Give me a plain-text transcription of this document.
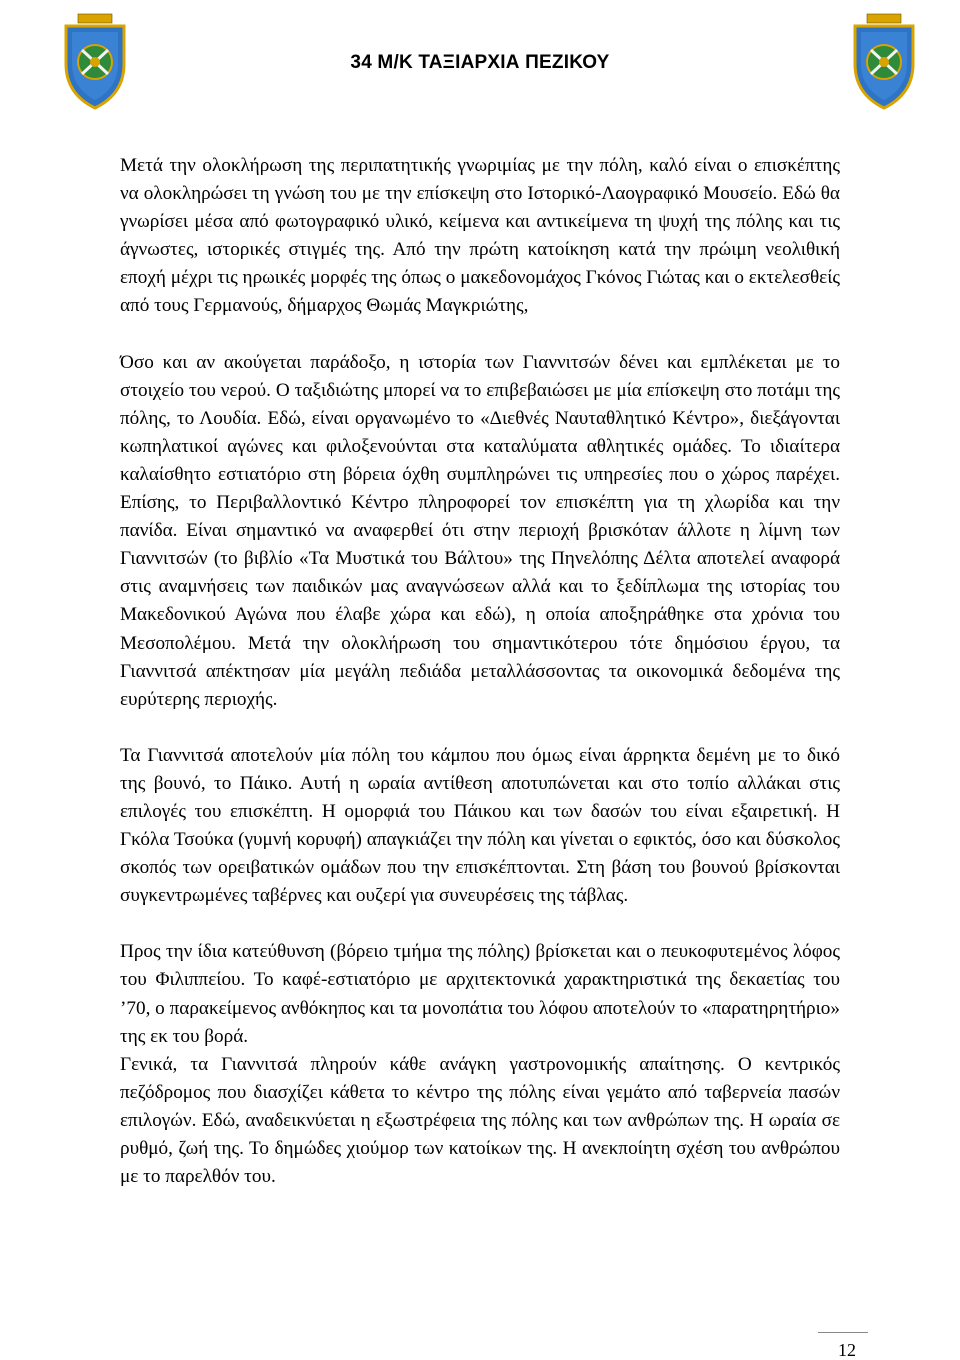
34 Μ/Κ ΤΑΞΙΑΡΧΙΑ ΠΕΖΙΚΟΥ

Μετά την ολοκλήρωση της περιπατητικής γνωριμίας με την πόλη, καλό είναι ο επισκέπτης να ολοκληρώσει τη γνώση του με την επίσκεψη στο Ιστορικό-Λαογραφικό Μουσείο. Εδώ θα γνωρίσει μέσα από φωτογραφικό υλικό, κείμενα και αντικείμενα τη ψυχή της πόλης και τις άγνωστες, ιστορικές στιγμές της. Από την πρώτη κατοίκηση κατά την πρώιμη νεολιθική εποχή μέχρι τις ηρωικές μορφές της όπως ο μακεδονομάχος Γκόνος Γιώτας και ο εκτελεσθείς από τους Γερμανούς, δήμαρχος Θωμάς Μαγκριώτης,

Όσο και αν ακούγεται παράδοξο, η ιστορία των Γιαννιτσών δένει και εμπλέκεται με το στοιχείο του νερού. Ο ταξιδιώτης μπορεί να το επιβεβαιώσει με μία επίσκεψη στο ποτάμι της πόλης, το Λουδία. Εδώ, είναι οργανωμένο το «Διεθνές Ναυταθλητικό Κέντρο», διεξάγονται κωπηλατικοί αγώνες και φιλοξενούνται στα καταλύματα αθλητικές ομάδες. Το ιδιαίτερα καλαίσθητο εστιατόριο στη βόρεια όχθη συμπληρώνει τις υπηρεσίες που ο χώρος παρέχει. Επίσης, το Περιβαλλοντικό Κέντρο πληροφορεί τον επισκέπτη για τη χλωρίδα και την πανίδα. Είναι σημαντικό να αναφερθεί ότι στην περιοχή βρισκόταν άλλοτε η λίμνη των Γιαννιτσών (το βιβλίο «Τα Μυστικά του Βάλτου» της Πηνελόπης Δέλτα αποτελεί αναφορά στις αναμνήσεις των παιδικών μας αναγνώσεων αλλά και το ξεδίπλωμα της ιστορίας του Μακεδονικού Αγώνα που έλαβε χώρα και εδώ), η οποία αποξηράθηκε στα χρόνια του Μεσοπολέμου. Μετά την ολοκλήρωση του σημαντικότερου τότε δημόσιου έργου, τα Γιαννιτσά απέκτησαν μία μεγάλη πεδιάδα μεταλλάσσοντας τα οικονομικά δεδομένα της ευρύτερης περιοχής.

Τα Γιαννιτσά αποτελούν μία πόλη του κάμπου που όμως είναι άρρηκτα δεμένη με το δικό της βουνό, το Πάικο. Αυτή η ωραία αντίθεση αποτυπώνεται και στο τοπίο αλλάκαι στις επιλογές του επισκέπτη. Η ομορφιά του Πάικου και των δασών του είναι εξαιρετική. Η Γκόλα Τσούκα (γυμνή κορυφή) απαγκιάζει την πόλη και γίνεται ο εφικτός, όσο και δύσκολος σκοπός των ορειβατικών ομάδων που την επισκέπτονται. Στη βάση του βουνού βρίσκονται συγκεντρωμένες ταβέρνες και ουζερί για συνευρέσεις της τάβλας.

Προς την ίδια κατεύθυνση (βόρειο τμήμα της πόλης) βρίσκεται και ο πευκοφυτεμένος λόφος του Φιλιππείου. Το καφέ-εστιατόριο με αρχιτεκτονικά χαρακτηριστικά της δεκαετίας του ’70, ο παρακείμενος ανθόκηπος και τα μονοπάτια του λόφου αποτελούν το «παρατηρητήριο» της εκ του βορά.

Γενικά, τα Γιαννιτσά πληρούν κάθε ανάγκη γαστρονομικής απαίτησης. Ο κεντρικός πεζόδρομος που διασχίζει κάθετα το κέντρο της πόλης είναι γεμάτο από ταβερνεία πασών επιλογών. Εδώ, αναδεικνύεται η εξωστρέφεια της πόλης και των ανθρώπων της. Η ωραία σε ρυθμό, ζωή της. Το δημώδες χιούμορ των κατοίκων της. Η ανεκποίητη σχέση του ανθρώπου με το παρελθόν του.

12
